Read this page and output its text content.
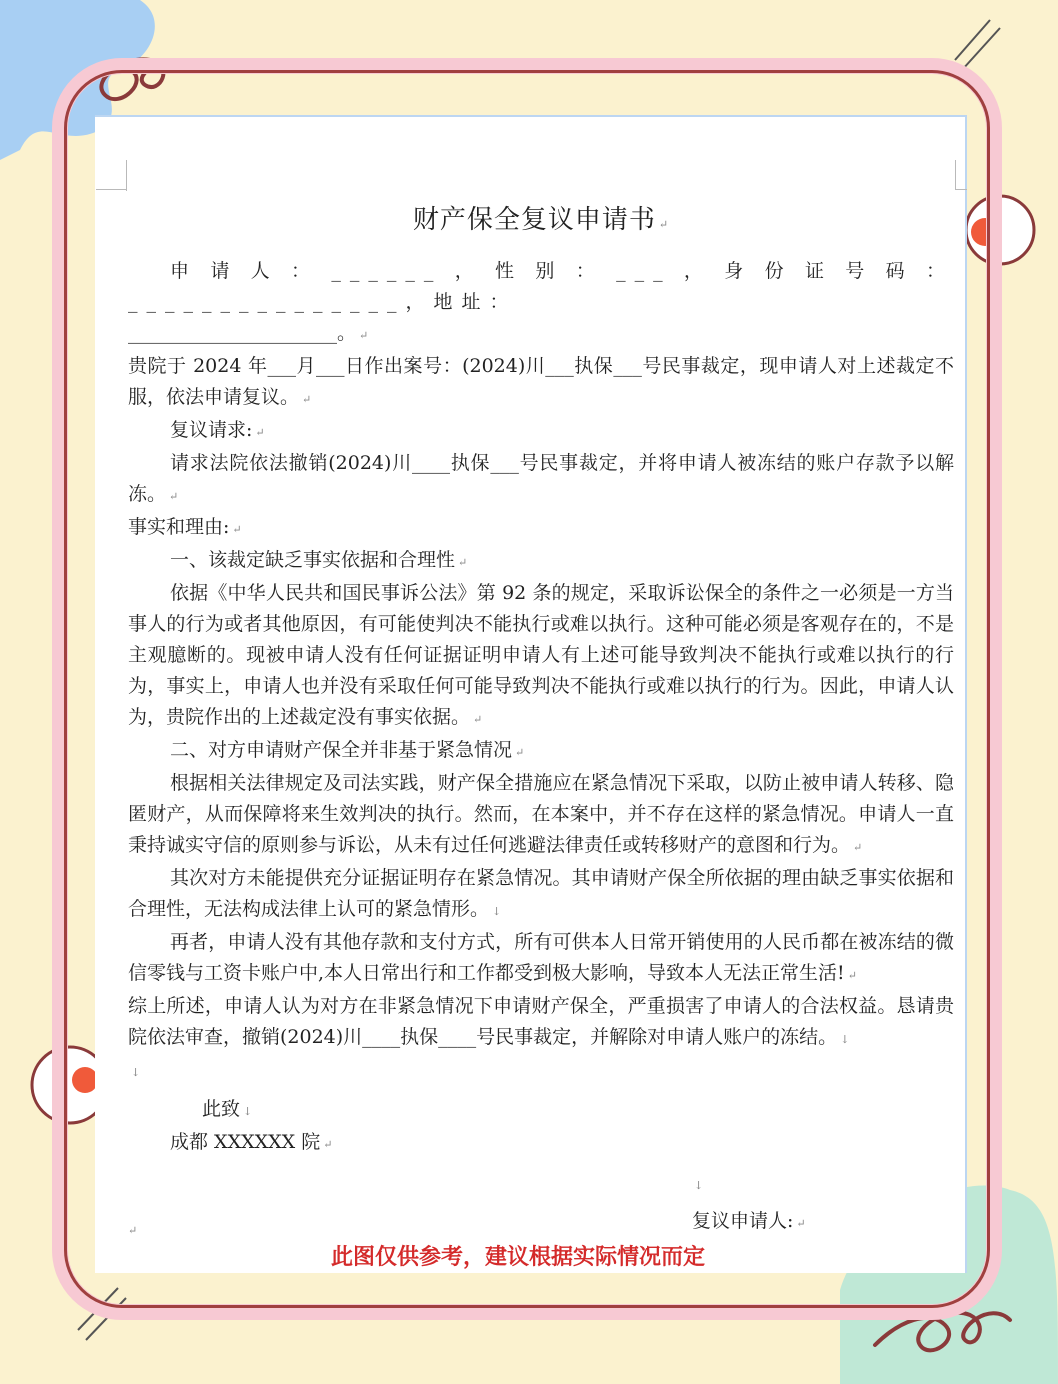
财产保全复议申请书 ↵

申请人：______，性别：___，身份证号码：_______________，地址：

______________________。 ↵

贵院于 2024 年___月___日作出案号：(2024)川___执保___号民事裁定，现申请人对上述裁定不服，依法申请复议。 ↵

复议请求: ↵

请求法院依法撤销(2024)川____执保___号民事裁定，并将申请人被冻结的账户存款予以解冻。 ↵

事实和理由: ↵

一、该裁定缺乏事实依据和合理性 ↵

依据《中华人民共和国民事诉公法》第 92 条的规定，采取诉讼保全的条件之一必须是一方当事人的行为或者其他原因，有可能使判决不能执行或难以执行。这种可能必须是客观存在的，不是主观臆断的。现被申请人没有任何证据证明申请人有上述可能导致判决不能执行或难以执行的行为，事实上，申请人也并没有采取任何可能导致判决不能执行或难以执行的行为。因此，申请人认为，贵院作出的上述裁定没有事实依据。 ↵

二、对方申请财产保全并非基于紧急情况 ↵

根据相关法律规定及司法实践，财产保全措施应在紧急情况下采取，以防止被申请人转移、隐匿财产，从而保障将来生效判决的执行。然而，在本案中，并不存在这样的紧急情况。申请人一直秉持诚实守信的原则参与诉讼，从未有过任何逃避法律责任或转移财产的意图和行为。 ↵

其次对方未能提供充分证据证明存在紧急情况。其申请财产保全所依据的理由缺乏事实依据和合理性，无法构成法律上认可的紧急情形。 ↓

再者，申请人没有其他存款和支付方式，所有可供本人日常开销使用的人民币都在被冻结的微信零钱与工资卡账户中,本人日常出行和工作都受到极大影响，导致本人无法正常生活! ↵

综上所述，申请人认为对方在非紧急情况下申请财产保全，严重损害了申请人的合法权益。恳请贵院依法审查，撤销(2024)川____执保____号民事裁定，并解除对申请人账户的冻结。 ↓

↓

此致 ↓

成都 XXXXXX 院 ↵

↓
复议申请人: ↵
↵
此图仅供参考，建议根据实际情况而定
